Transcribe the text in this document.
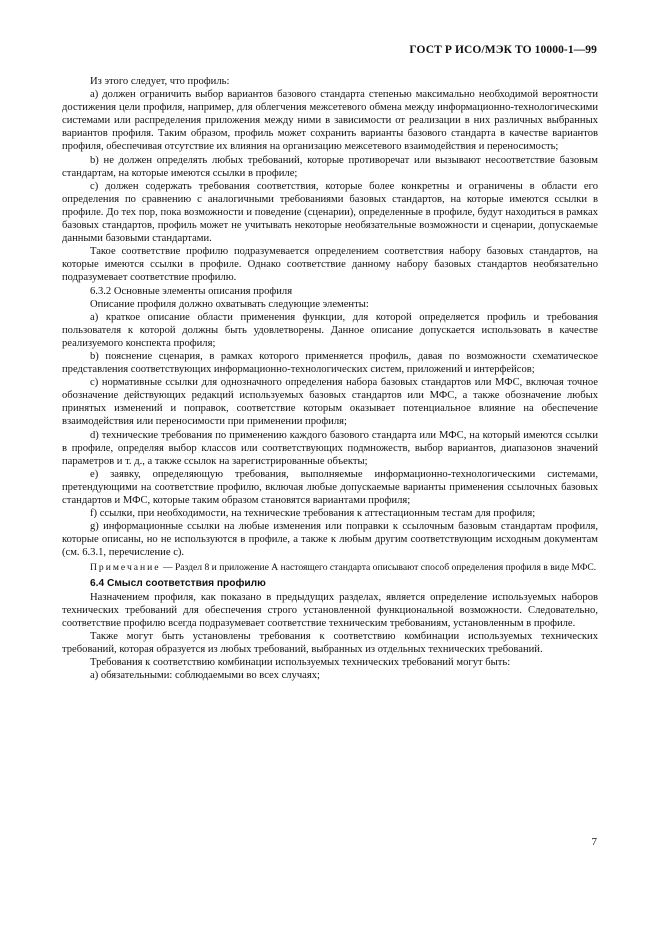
ГОСТ Р ИСО/МЭК ТО 10000-1—99

Из этого следует, что профиль:

а) должен ограничить выбор вариантов базового стандарта степенью максимально необходимой вероятности достижения цели профиля, например, для облегчения межсетевого обмена между информационно-технологическими системами или распределения приложения между ними в зависимости от реализации в них различных выбранных вариантов профиля. Таким образом, профиль может сохранить варианты базового стандарта в качестве вариантов профиля, обеспечивая отсутствие их влияния на организацию межсетевого взаимодействия и переносимость;

b) не должен определять любых требований, которые противоречат или вызывают несоответствие базовым стандартам, на которые имеются ссылки в профиле;

с) должен содержать требования соответствия, которые более конкретны и ограничены в области его определения по сравнению с аналогичными требованиями базовых стандартов, на которые имеются ссылки в профиле. До тех пор, пока возможности и поведение (сценарии), определенные в профиле, будут находиться в рамках базовых стандартов, профиль может не учитывать некоторые необязательные возможности и сценарии, допускаемые данными базовыми стандартами.

Такое соответствие профилю подразумевается определением соответствия набору базовых стандартов, на которые имеются ссылки в профиле. Однако соответствие данному набору базовых стандартов необязательно подразумевает соответствие профилю.

6.3.2 Основные элементы описания профиля

Описание профиля должно охватывать следующие элементы:

а) краткое описание области применения функции, для которой определяется профиль и требования пользователя к которой должны быть удовлетворены. Данное описание допускается использовать в качестве реализуемого конспекта профиля;

b) пояснение сценария, в рамках которого применяется профиль, давая по возможности схематическое представления соответствующих информационно-технологических систем, приложений и интерфейсов;

с) нормативные ссылки для однозначного определения набора базовых стандартов или МФС, включая точное обозначение действующих редакций используемых базовых стандартов или МФС, а также обозначение любых принятых изменений и поправок, соответствие которым оказывает потенциальное влияние на обеспечение взаимодействия или переносимости при применении профиля;

d) технические требования по применению каждого базового стандарта или МФС, на который имеются ссылки в профиле, определяя выбор классов или соответствующих подмножеств, выбор вариантов, диапазонов значений параметров и т. д., а также ссылок на зарегистрированные объекты;

е) заявку, определяющую требования, выполняемые информационно-технологическими системами, претендующими на соответствие профилю, включая любые допускаемые варианты применения ссылочных базовых стандартов и МФС, которые таким образом становятся вариантами профиля;

f) ссылки, при необходимости, на технические требования к аттестационным тестам для профиля;

g) информационные ссылки на любые изменения или поправки к ссылочным базовым стандартам профиля, которые описаны, но не используются в профиле, а также к любым другим соответствующим исходным документам (см. 6.3.1, перечисление с).

Примечание — Раздел 8 и приложение А настоящего стандарта описывают способ определения профиля в виде МФС.

6.4 Смысл соответствия профилю

Назначением профиля, как показано в предыдущих разделах, является определение используемых наборов технических требований для обеспечения строго установленной функциональной возможности. Следовательно, соответствие профилю всегда подразумевает соответствие техническим требованиям, установленным в профиле.

Также могут быть установлены требования к соответствию комбинации используемых технических требований, которая образуется из любых требований, выбранных из отдельных технических требований.

Требования к соответствию комбинации используемых технических требований могут быть:

а) обязательными: соблюдаемыми во всех случаях;

7
